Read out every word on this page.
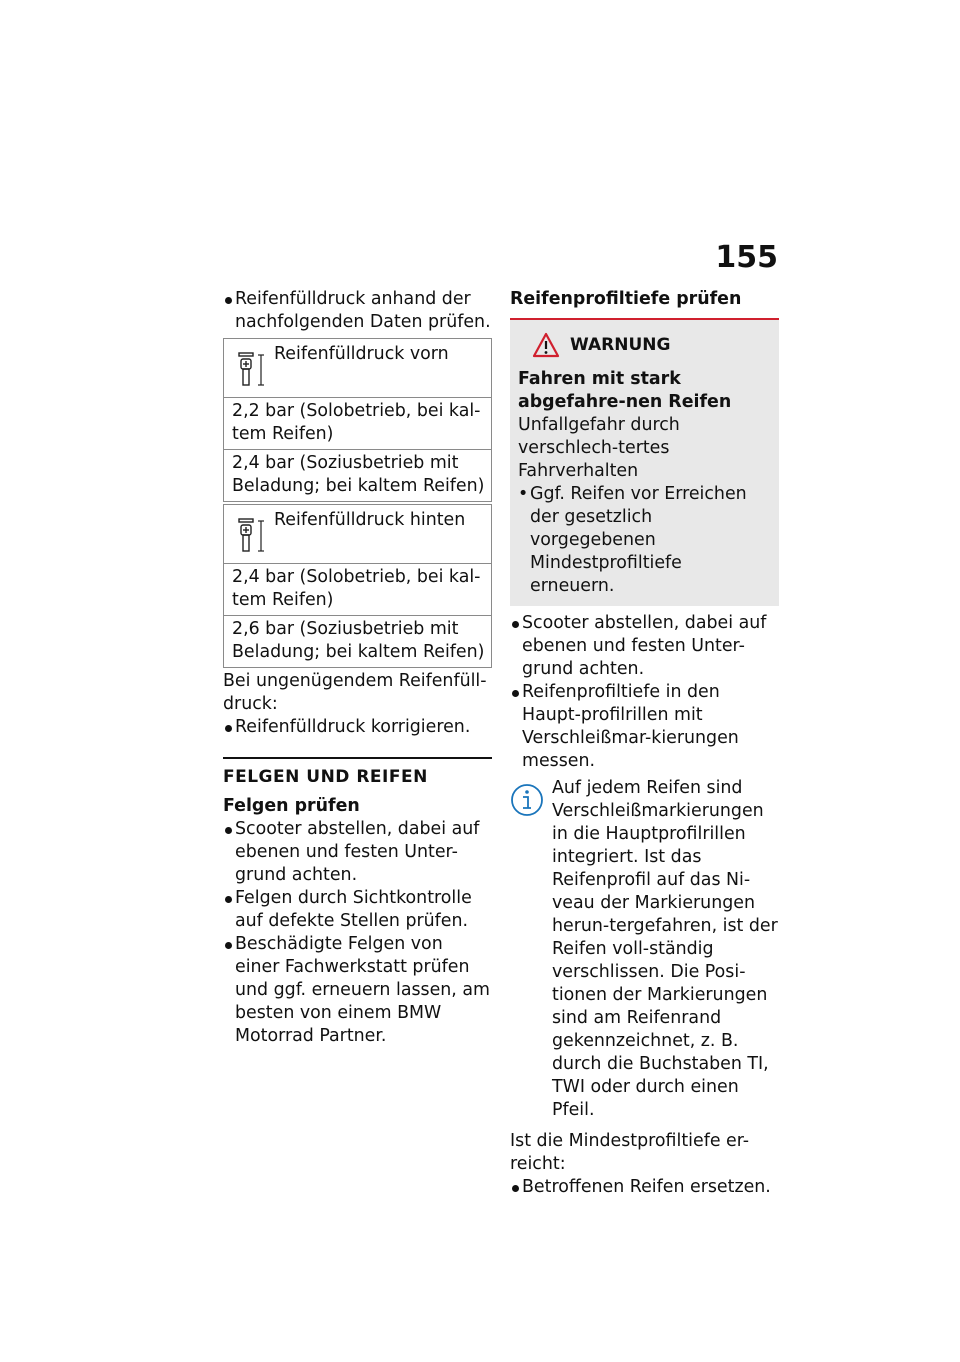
155
Reifenfülldruck anhand der
nachfolgenden Daten prüfen.
Reifenfülldruck vorn
2,2 bar (Solobetrieb, bei kal-tem Reifen)
2,4 bar (Soziusbetrieb mit Beladung; bei kaltem Reifen)
Reifenfülldruck hinten
2,4 bar (Solobetrieb, bei kal-tem Reifen)
2,6 bar (Soziusbetrieb mit Beladung; bei kaltem Reifen)

Bei ungenügendem Reifenfüll-druck:

Reifenfülldruck korrigieren.
FELGEN UND REIFEN
Felgen prüfen
Scooter abstellen, dabei auf ebenen und festen Unter-grund achten.
Felgen durch Sichtkontrolle auf defekte Stellen prüfen.
Beschädigte Felgen von einer Fachwerkstatt prüfen und ggf. erneuern lassen, am besten von einem BMW Motorrad Partner.
Reifenprofiltiefe prüfen
WARNUNG
Fahren mit stark abgefahre-nen Reifen
Unfallgefahr durch verschlech-tertes Fahrverhalten
• Ggf. Reifen vor Erreichen der gesetzlich vorgegebenen Mindestprofiltiefe erneuern.
Scooter abstellen, dabei auf ebenen und festen Unter-grund achten.
Reifenprofiltiefe in den Haupt-profilrillen mit Verschleißmar-kierungen messen.
Auf jedem Reifen sind Verschleißmarkierungen in die Hauptprofilrillen integriert. Ist das Reifenprofil auf das Ni-veau der Markierungen herun-tergefahren, ist der Reifen voll-ständig verschlissen. Die Posi-tionen der Markierungen sind am Reifenrand gekennzeichnet, z. B. durch die Buchstaben TI, TWI oder durch einen Pfeil.

Ist die Mindestprofiltiefe er-reicht:

Betroffenen Reifen ersetzen.
